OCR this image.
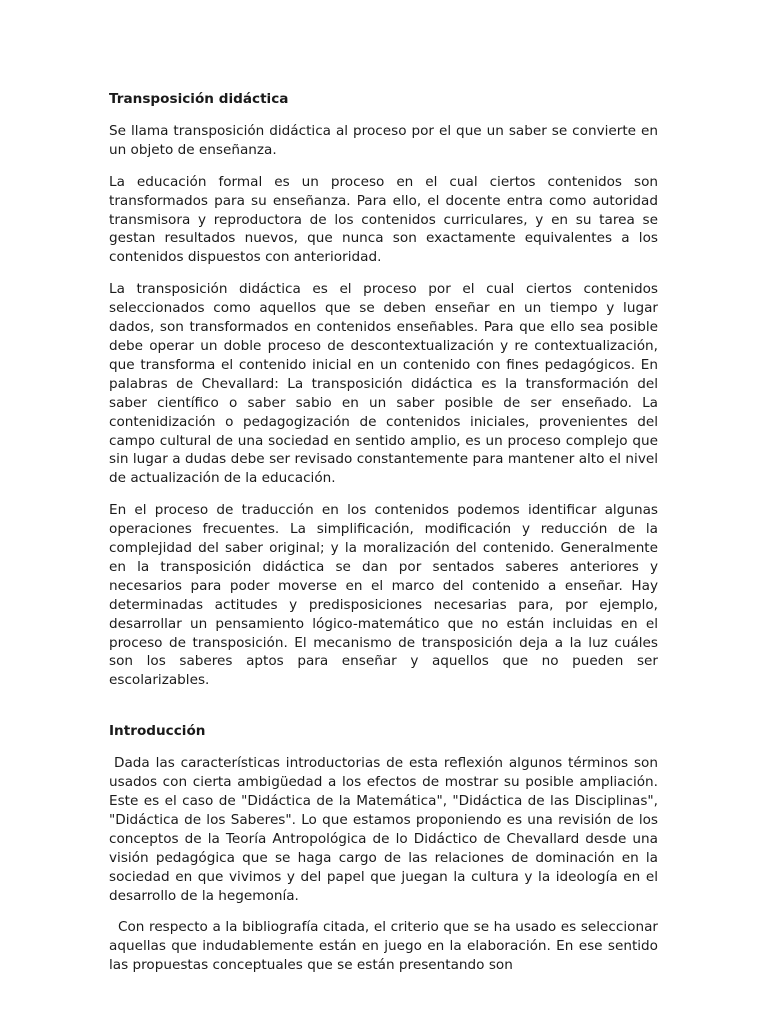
Transposición didáctica

Se llama transposición didáctica al proceso por el que un saber se convierte en un objeto de enseñanza.

La educación formal es un proceso en el cual ciertos contenidos son transformados para su enseñanza. Para ello, el docente entra como autoridad transmisora y reproductora de los contenidos curriculares, y en su tarea se gestan resultados nuevos, que nunca son exactamente equivalentes a los contenidos dispuestos con anterioridad.

La transposición didáctica es el proceso por el cual ciertos contenidos seleccionados como aquellos que se deben enseñar en un tiempo y lugar dados, son transformados en contenidos enseñables. Para que ello sea posible debe operar un doble proceso de descontextualización y re contextualización, que transforma el contenido inicial en un contenido con fines pedagógicos. En palabras de Chevallard: La transposición didáctica es la transformación del saber científico o saber sabio en un saber posible de ser enseñado. La contenidización o pedagogización de contenidos iniciales, provenientes del campo cultural de una sociedad en sentido amplio, es un proceso complejo que sin lugar a dudas debe ser revisado constantemente para mantener alto el nivel de actualización de la educación.

En el proceso de traducción en los contenidos podemos identificar algunas operaciones frecuentes. La simplificación, modificación y reducción de la complejidad del saber original; y la moralización del contenido. Generalmente en la transposición didáctica se dan por sentados saberes anteriores y necesarios para poder moverse en el marco del contenido a enseñar. Hay determinadas actitudes y predisposiciones necesarias para, por ejemplo, desarrollar un pensamiento lógico-matemático que no están incluidas en el proceso de transposición. El mecanismo de transposición deja a la luz cuáles son los saberes aptos para enseñar y aquellos que no pueden ser escolarizables.

Introducción

Dada las características introductorias de esta reflexión algunos términos son usados con cierta ambigüedad a los efectos de mostrar su posible ampliación. Este es el caso de "Didáctica de la Matemática", "Didáctica de las Disciplinas", "Didáctica de los Saberes". Lo que estamos proponiendo es una revisión de los conceptos de la Teoría Antropológica de lo Didáctico de Chevallard desde una visión pedagógica que se haga cargo de las relaciones de dominación en la sociedad en que vivimos y del papel que juegan la cultura y la ideología en el desarrollo de la hegemonía.

Con respecto a la bibliografía citada, el criterio que se ha usado es seleccionar aquellas que indudablemente están en juego en la elaboración. En ese sentido las propuestas conceptuales que se están presentando son
